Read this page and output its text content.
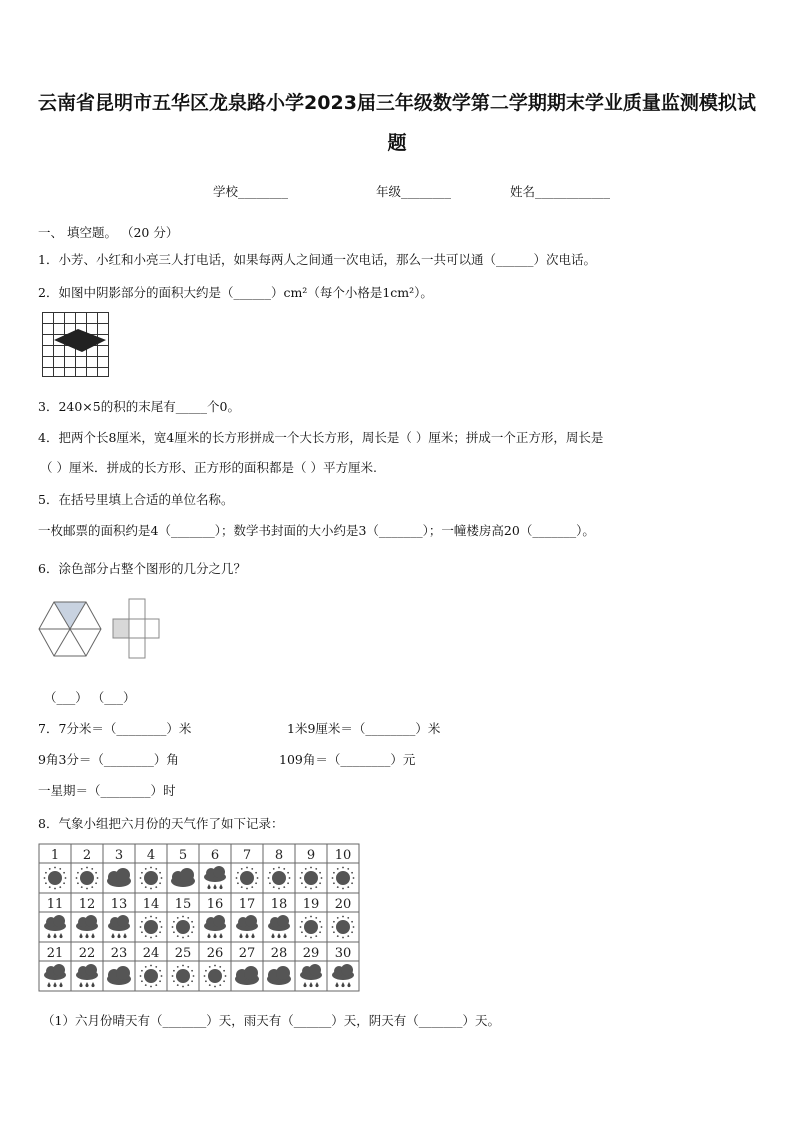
云南省昆明市五华区龙泉路小学2023届三年级数学第二学期期末学业质量监测模拟试
题
学校________	年级________	姓名____________
一、 填空题。 （20 分）
1．小芳、小红和小亮三人打电话，如果每两人之间通一次电话，那么一共可以通（______）次电话。
2．如图中阴影部分的面积大约是（______）cm²（每个小格是1cm²）。
3．240×5的积的末尾有_____个0。
4．把两个长8厘米，宽4厘米的长方形拼成一个大长方形，周长是（ ）厘米；拼成一个正方形，周长是
（ ）厘米．拼成的长方形、正方形的面积都是（ ）平方厘米.
5．在括号里填上合适的单位名称。
一枚邮票的面积约是4（_______）；数学书封面的大小约是3（_______）；一幢楼房高20（_______）。
6．涂色部分占整个图形的几分之几？
（___） （___）
7．7分米＝（________）米	1米9厘米＝（________）米
9角3分＝（________）角	109角＝（________）元
一星期＝（________）时
8．气象小组把六月份的天气作了如下记录：
1 2 3 4 5 6 7 8 9 10
11 12 13 14 15 16 17 18 19 20
21 22 23 24 25 26 27 28 29 30
（1）六月份晴天有（_______）天，雨天有（______）天，阴天有（_______）天。
